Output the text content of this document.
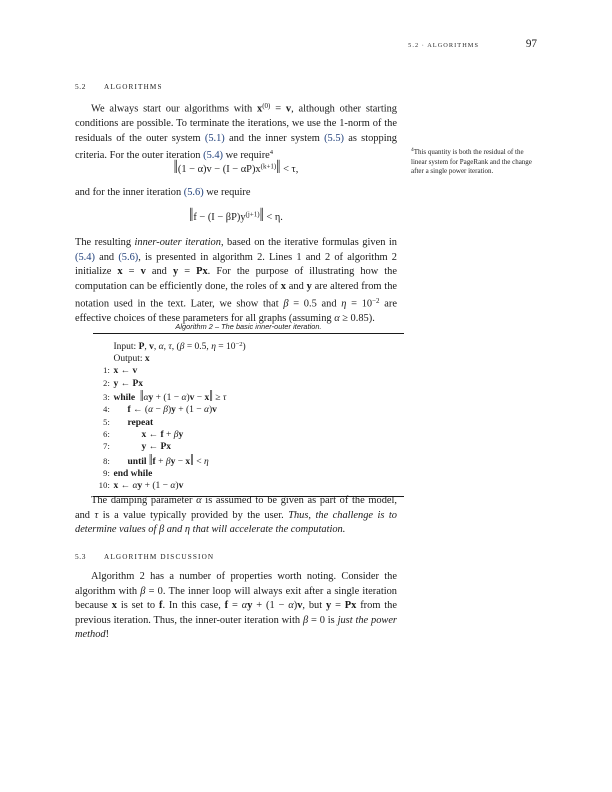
5.2 · ALGORITHMS	97
5.2	ALGORITHMS

We always start our algorithms with $x^{(0)} = v$, although other starting conditions are possible. To terminate the iterations, we use the 1-norm of the residuals of the outer system (5.1) and the inner system (5.5) as stopping criteria. For the outer iteration (5.4) we require$^4$

‖(1 − $\alpha)v - (I - \alpha P)x^{(k+1)}‖ < \tau$,

and for the inner iteration (5.6) we require

‖f − $(I - \beta P)y^{(j+1)}‖ < \eta$.

The resulting inner-outer iteration, based on the iterative formulas given in (5.4) and (5.6), is presented in algorithm 2. Lines 1 and 2 of algorithm 2 initialize x = v and y = Px. For the purpose of illustrating how the computation can be efficiently done, the roles of x and y are altered from the notation used in the text. Later, we show that β = 0.5 and $\eta = 10^{-2}$ are effective choices of these parameters for all graphs (assuming α ≥ 0.85).

$^4$This quantity is both the residual of the linear system for PageRank and the change after a single power iteration.
Algorithm 2 – The basic inner-outer iteration.
Input: P, v, α, τ, (β = 0.5, $\eta = 10^{-2}$)
Output: x
1: x ← v
2: y ← Px
3: while ‖αy + (1 − α)v − x‖ ≥ τ
4:	f ← (α − β)y + (1 − α)v
5:	repeat
6:	x ← f + βy
7:	y ← Px
8:	until ‖f + βy − x‖ < η
9: end while
10: x ← αy + (1 − α)v

The damping parameter α is assumed to be given as part of the model, and τ is a value typically provided by the user. Thus, the challenge is to determine values of β and η that will accelerate the computation.

5.3	ALGORITHM DISCUSSION

Algorithm 2 has a number of properties worth noting. Consider the algorithm with β = 0. The inner loop will always exit after a single iteration because x is set to f. In this case, f = αy + (1 − α)v, but y = Px from the previous iteration. Thus, the inner-outer iteration with β = 0 is just the power method!
